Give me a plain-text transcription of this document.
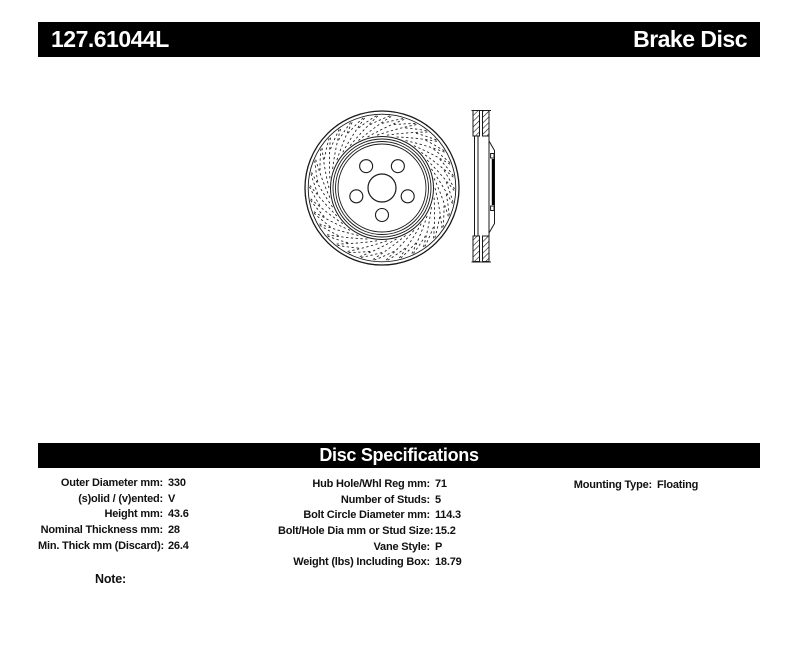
127.61044L	Brake Disc
Disc Specifications
Outer Diameter mm: 330
(s)olid / (v)ented: V
Height mm: 43.6
Nominal Thickness mm: 28
Min. Thick mm (Discard): 26.4
Hub Hole/Whl Reg mm: 71
Number of Studs: 5
Bolt Circle Diameter mm: 114.3
Bolt/Hole Dia mm or Stud Size: 15.2
Vane Style: P
Weight (lbs) Including Box: 18.79
Mounting Type: Floating
Note:
